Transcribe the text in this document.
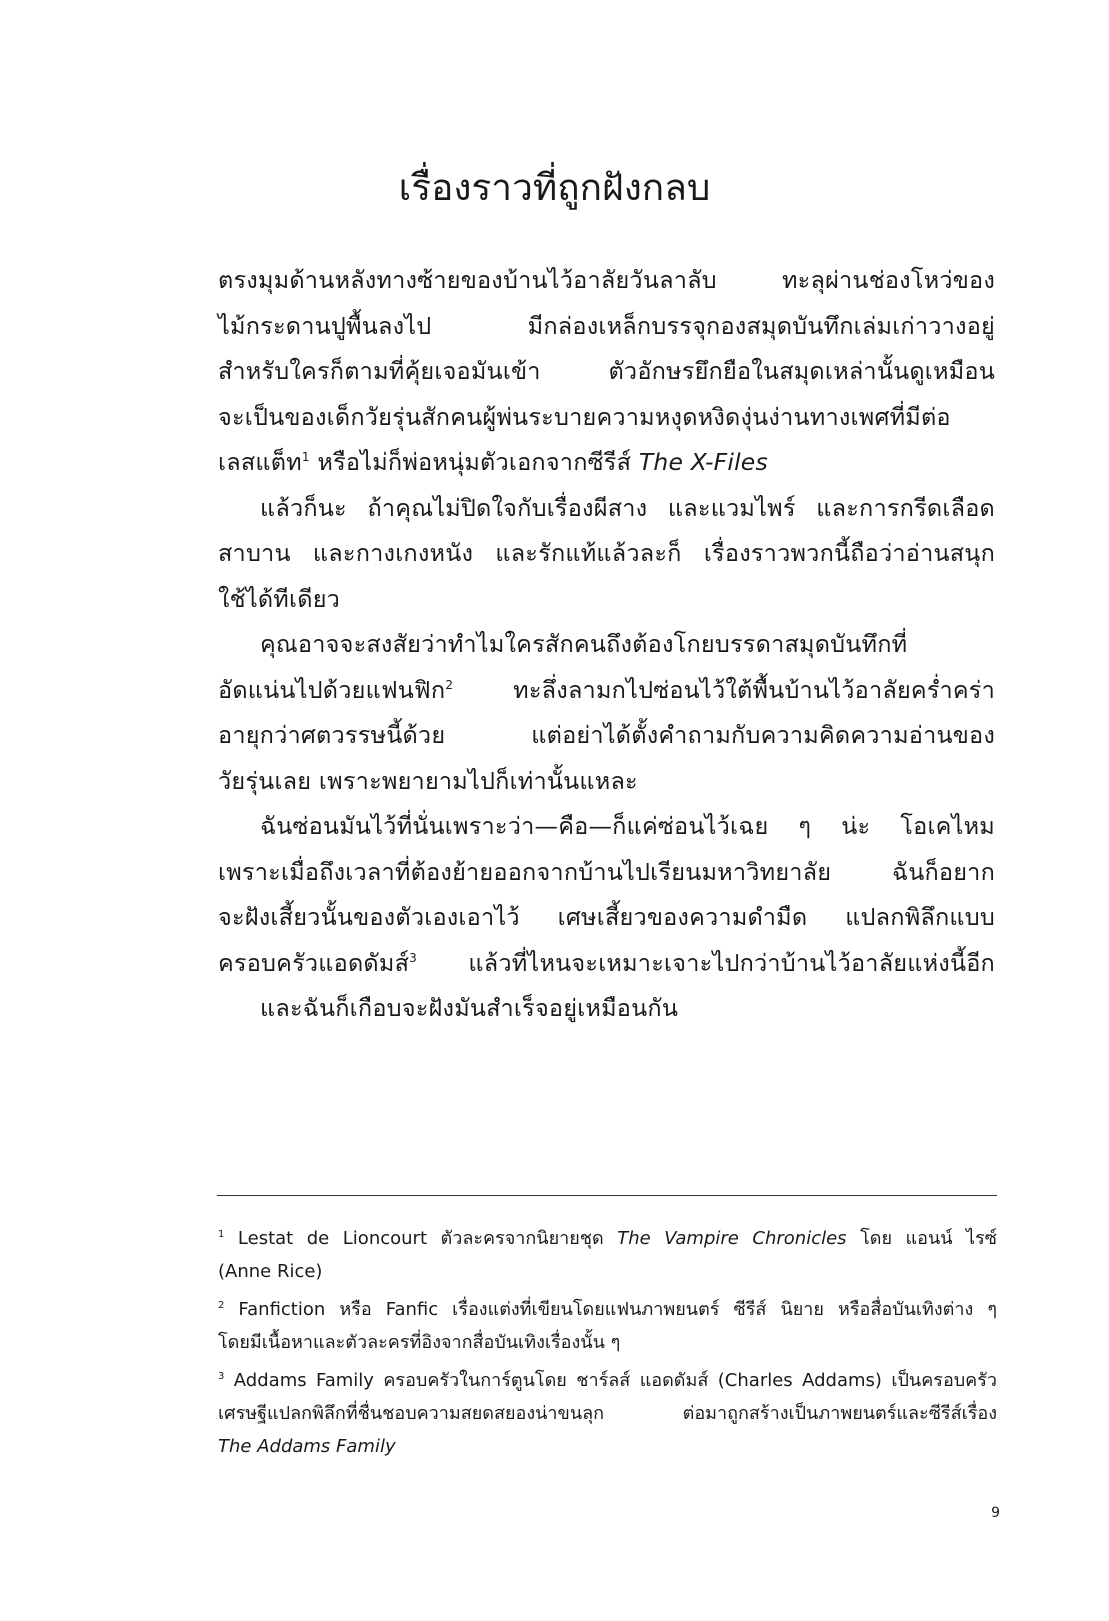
เรื่องราวที่ถูกฝังกลบ
ตรงมุมด้านหลังทางซ้ายของบ้านไว้อาลัยวันลาลับ ทะลุผ่านช่องโหว่ของ
ไม้กระดานปูพื้นลงไป มีกล่องเหล็กบรรจุกองสมุดบันทึกเล่มเก่าวางอยู่
สำหรับใครก็ตามที่คุ้ยเจอมันเข้า ตัวอักษรยึกยือในสมุดเหล่านั้นดูเหมือน
จะเป็นของเด็กวัยรุ่นสักคนผู้พ่นระบายความหงุดหงิดงุ่นง่านทางเพศที่มีต่อ
เลสแต็ท$^1$ หรือไม่ก็พ่อหนุ่มตัวเอกจากซีรีส์ The X-Files
แล้วก็นะ ถ้าคุณไม่ปิดใจกับเรื่องผีสาง และแวมไพร์ และการกรีดเลือด
สาบาน และกางเกงหนัง และรักแท้แล้วละก็ เรื่องราวพวกนี้ถือว่าอ่านสนุก
ใช้ได้ทีเดียว
คุณอาจจะสงสัยว่าทำไมใครสักคนถึงต้องโกยบรรดาสมุดบันทึกที่
อัดแน่นไปด้วยแฟนฟิก$^2$ ทะลึ่งลามกไปซ่อนไว้ใต้พื้นบ้านไว้อาลัยคร่ำคร่า
อายุกว่าศตวรรษนี้ด้วย แต่อย่าได้ตั้งคำถามกับความคิดความอ่านของ
วัยรุ่นเลย เพราะพยายามไปก็เท่านั้นแหละ
ฉันซ่อนมันไว้ที่นั่นเพราะว่า—คือ—ก็แค่ซ่อนไว้เฉย ๆ น่ะ โอเคไหม
เพราะเมื่อถึงเวลาที่ต้องย้ายออกจากบ้านไปเรียนมหาวิทยาลัย ฉันก็อยาก
จะฝังเสี้ยวนั้นของตัวเองเอาไว้ เศษเสี้ยวของความดำมืด แปลกพิลึกแบบ
ครอบครัวแอดดัมส์$^3$ แล้วที่ไหนจะเหมาะเจาะไปกว่าบ้านไว้อาลัยแห่งนี้อีก
และฉันก็เกือบจะฝังมันสำเร็จอยู่เหมือนกัน
$^1$ Lestat de Lioncourt ตัวละครจากนิยายชุด The Vampire Chronicles โดย แอนน์ ไรซ์
(Anne Rice)
$^2$ Fanfiction หรือ Fanfic เรื่องแต่งที่เขียนโดยแฟนภาพยนตร์ ซีรีส์ นิยาย หรือสื่อบันเทิงต่าง ๆ
โดยมีเนื้อหาและตัวละครที่อิงจากสื่อบันเทิงเรื่องนั้น ๆ
$^3$ Addams Family ครอบครัวในการ์ตูนโดย ชาร์ลส์ แอดดัมส์ (Charles Addams) เป็นครอบครัว
เศรษฐีแปลกพิลึกที่ชื่นชอบความสยดสยองน่าขนลุก ต่อมาถูกสร้างเป็นภาพยนตร์และซีรีส์เรื่อง
The Addams Family
9
